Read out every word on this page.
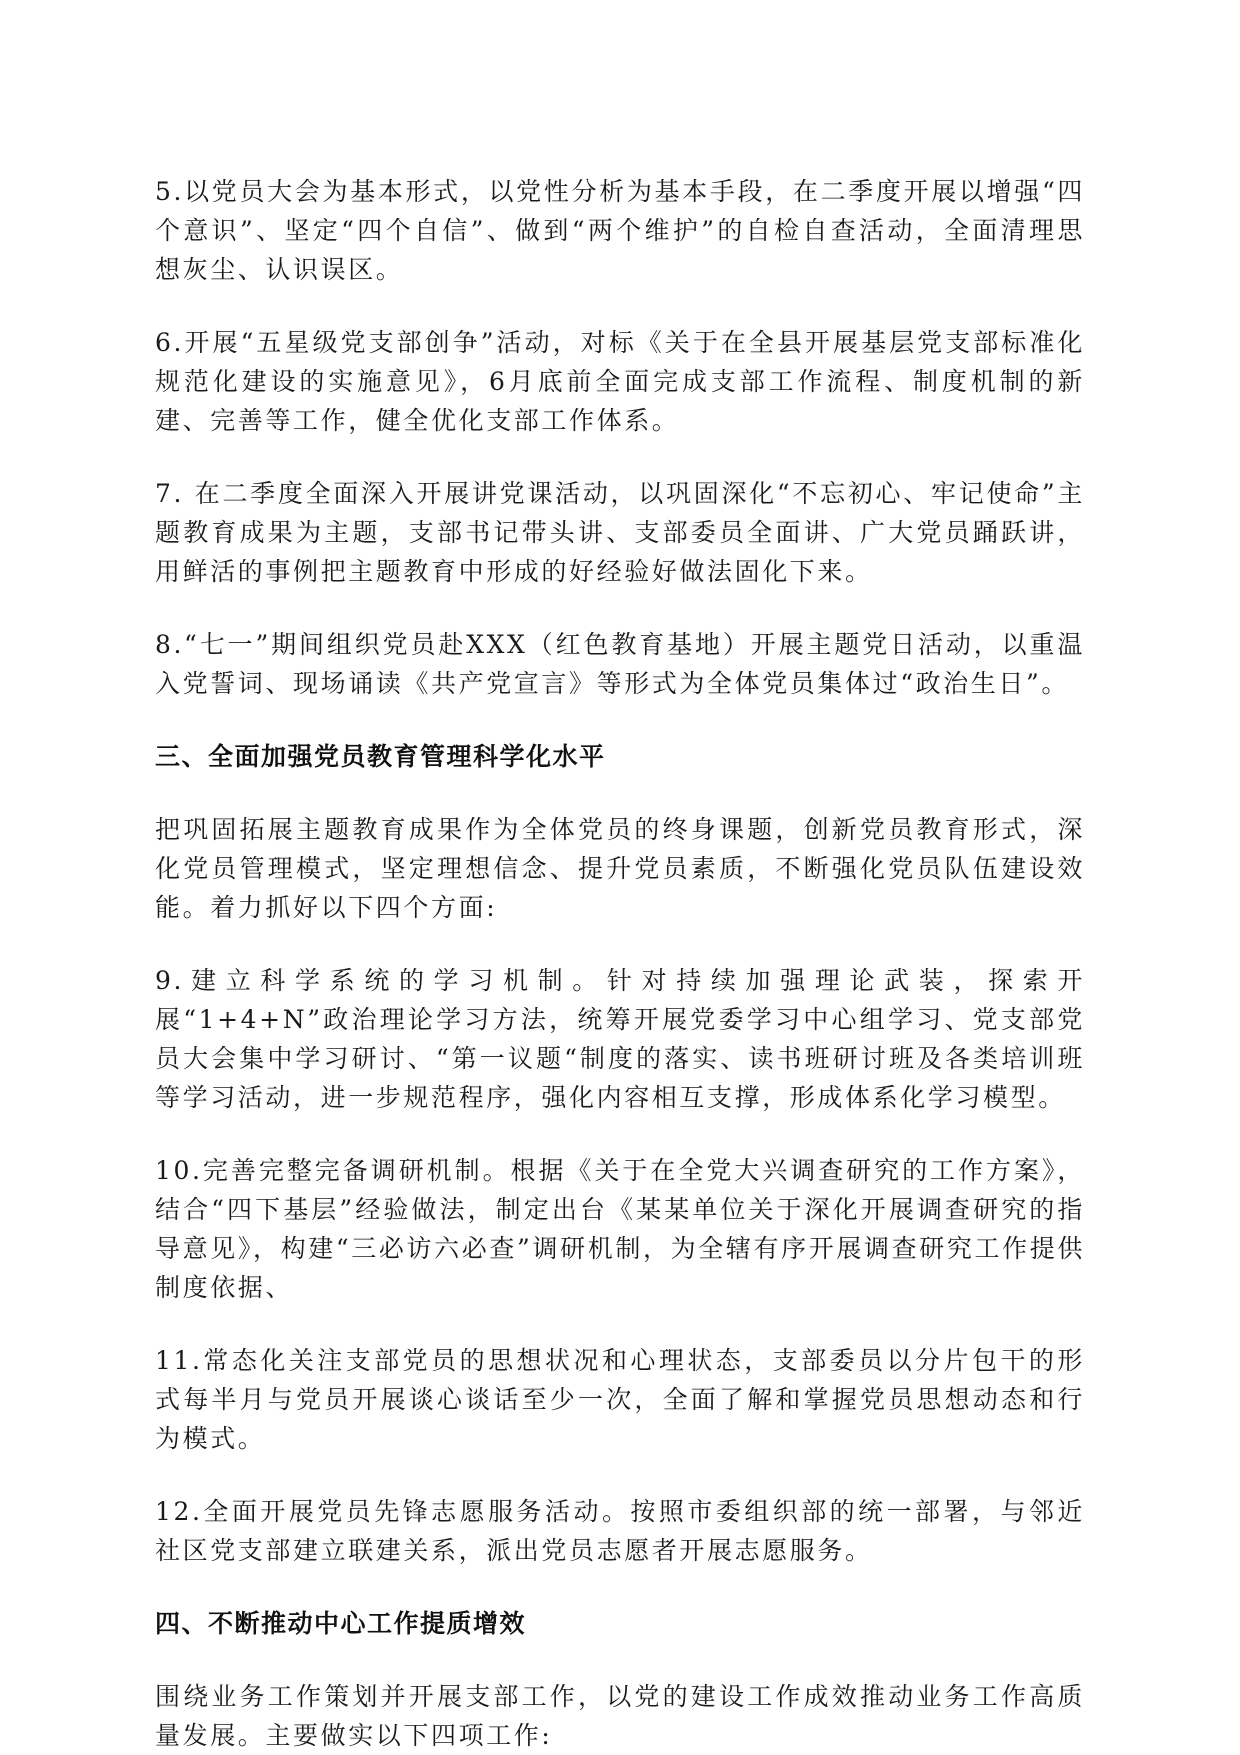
5.以党员大会为基本形式，以党性分析为基本手段，在二季度开展以增强“四个意识”、坚定“四个自信”、做到“两个维护”的自检自查活动，全面清理思想灰尘、认识误区。

6.开展“五星级党支部创争”活动，对标《关于在全县开展基层党支部标准化规范化建设的实施意见》，6月底前全面完成支部工作流程、制度机制的新建、完善等工作，健全优化支部工作体系。

7. 在二季度全面深入开展讲党课活动，以巩固深化“不忘初心、牢记使命”主题教育成果为主题，支部书记带头讲、支部委员全面讲、广大党员踊跃讲，用鲜活的事例把主题教育中形成的好经验好做法固化下来。

8.“七一”期间组织党员赴XXX（红色教育基地）开展主题党日活动，以重温入党誓词、现场诵读《共产党宣言》等形式为全体党员集体过“政治生日”。

三、全面加强党员教育管理科学化水平

把巩固拓展主题教育成果作为全体党员的终身课题，创新党员教育形式，深化党员管理模式，坚定理想信念、提升党员素质，不断强化党员队伍建设效能。着力抓好以下四个方面:

9.建立科学系统的学习机制。针对持续加强理论武装，探索开展“1+4+N”政治理论学习方法，统筹开展党委学习中心组学习、党支部党员大会集中学习研讨、“第一议题“制度的落实、读书班研讨班及各类培训班等学习活动，进一步规范程序，强化内容相互支撑，形成体系化学习模型。

10.完善完整完备调研机制。根据《关于在全党大兴调查研究的工作方案》，结合“四下基层”经验做法，制定出台《某某单位关于深化开展调查研究的指导意见》，构建“三必访六必查”调研机制，为全辖有序开展调查研究工作提供制度依据、

11.常态化关注支部党员的思想状况和心理状态，支部委员以分片包干的形式每半月与党员开展谈心谈话至少一次，全面了解和掌握党员思想动态和行为模式。

12.全面开展党员先锋志愿服务活动。按照市委组织部的统一部署，与邻近社区党支部建立联建关系，派出党员志愿者开展志愿服务。

四、不断推动中心工作提质增效

围绕业务工作策划并开展支部工作，以党的建设工作成效推动业务工作高质量发展。主要做实以下四项工作:
